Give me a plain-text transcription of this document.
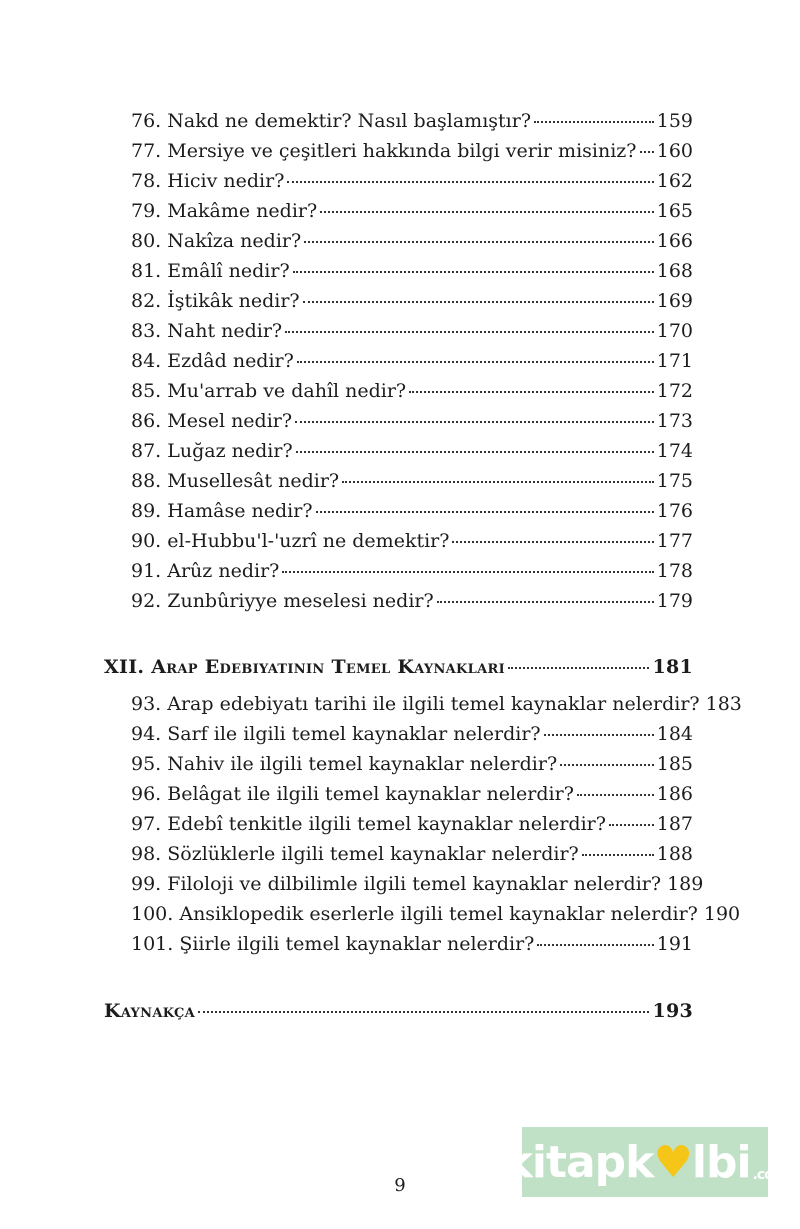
76. Nakd ne demektir? Nasıl başlamıştır?	159
77. Mersiye ve çeşitleri hakkında bilgi verir misiniz? 160
78. Hiciv nedir?	162
79. Makâme nedir?	165
80. Nakîza nedir?	166
81. Emâlî nedir?	168
82. İştikâk nedir?	169
83. Naht nedir?	170
84. Ezdâd nedir?	171
85. Mu'arrab ve dahîl nedir?	172
86. Mesel nedir?	173
87. Luğaz nedir?	174
88. Musellesât nedir?	175
89. Hamâse nedir?	176
90. el-Hubbu'l-'uzrî ne demektir?	177
91. Arûz nedir?	178
92. Zunbûriyye meselesi nedir?	179
XII. Arap Edebiyatının Temel Kaynakları	181
93. Arap edebiyatı tarihi ile ilgili temel kaynaklar nelerdir? 183
94. Sarf ile ilgili temel kaynaklar nelerdir?	184
95. Nahiv ile ilgili temel kaynaklar nelerdir?	185
96. Belâgat ile ilgili temel kaynaklar nelerdir?	186
97. Edebî tenkitle ilgili temel kaynaklar nelerdir?	187
98. Sözlüklerle ilgili temel kaynaklar nelerdir?	188
99. Filoloji ve dilbilimle ilgili temel kaynaklar nelerdir? 189
100. Ansiklopedik eserlerle ilgili temel kaynaklar nelerdir? 190
101. Şiirle ilgili temel kaynaklar nelerdir?	191
Kaynakça	193
9	kitapk ♥ lbi .com
